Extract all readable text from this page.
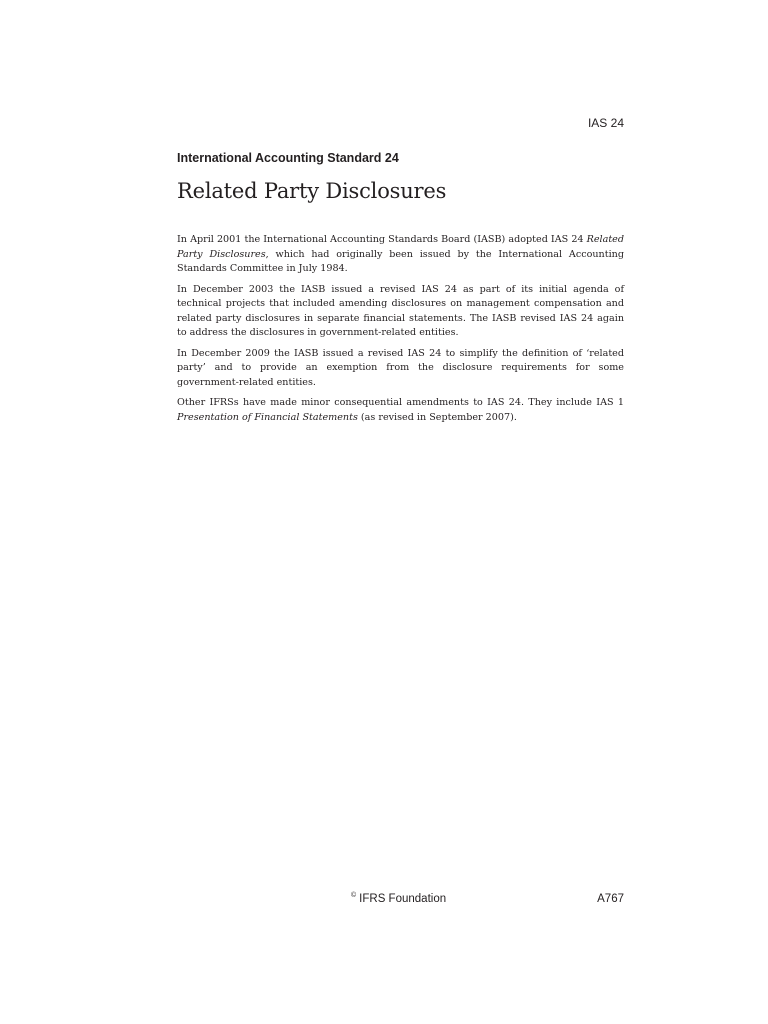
IAS 24
International Accounting Standard 24
Related Party Disclosures

In April 2001 the International Accounting Standards Board (IASB) adopted IAS 24 Related Party Disclosures, which had originally been issued by the International Accounting Standards Committee in July 1984.

In December 2003 the IASB issued a revised IAS 24 as part of its initial agenda of technical projects that included amending disclosures on management compensation and related party disclosures in separate financial statements. The IASB revised IAS 24 again to address the disclosures in government-related entities.

In December 2009 the IASB issued a revised IAS 24 to simplify the definition of ‘related party’ and to provide an exemption from the disclosure requirements for some government-related entities.

Other IFRSs have made minor consequential amendments to IAS 24. They include IAS 1 Presentation of Financial Statements (as revised in September 2007).

© IFRS Foundation	A767
